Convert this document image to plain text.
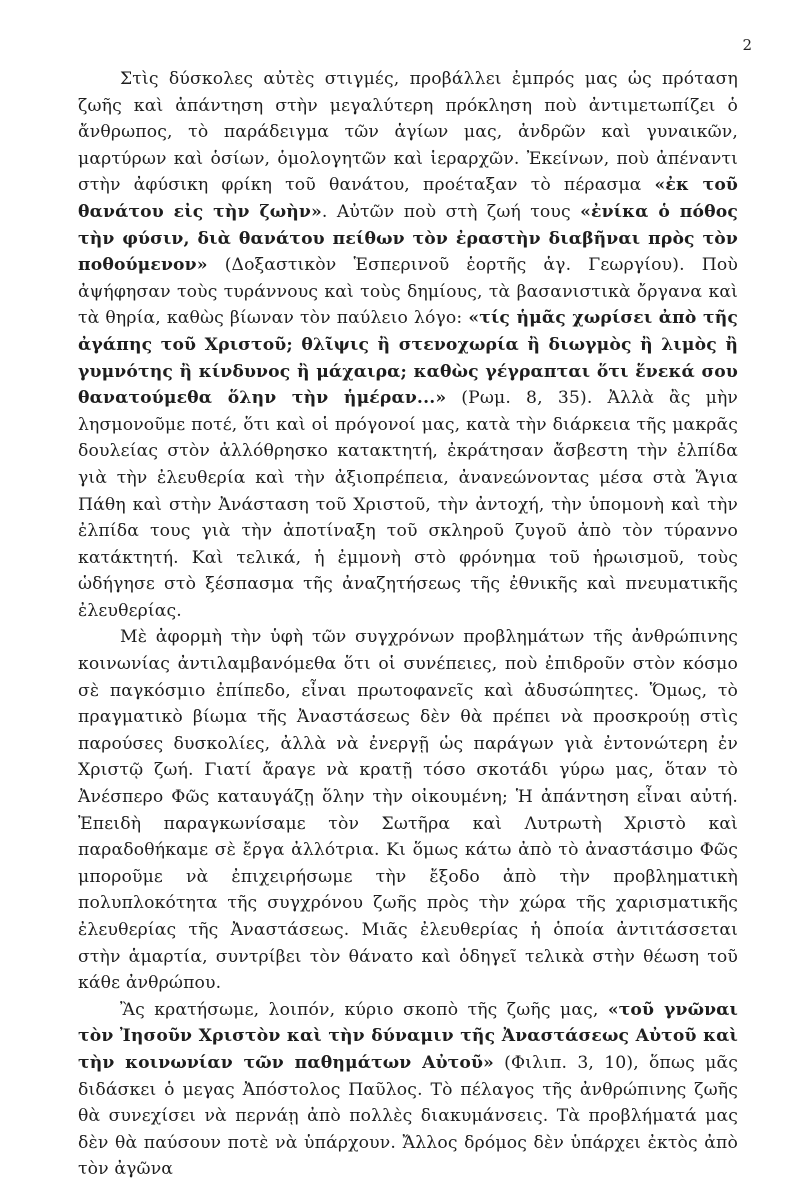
2

Στὶς δύσκολες αὐτὲς στιγμές, προβάλλει ἐμπρός μας ὡς πρόταση ζωῆς καὶ ἀπάντηση στὴν μεγαλύτερη πρόκληση ποὺ ἀντιμετωπίζει ὁ ἄνθρωπος, τὸ παράδειγμα τῶν ἁγίων μας, ἀνδρῶν καὶ γυναικῶν, μαρτύρων καὶ ὁσίων, ὁμολογητῶν καὶ ἱεραρχῶν. Ἐκείνων, ποὺ ἀπέναντι στὴν ἀφύσικη φρίκη τοῦ θανάτου, προέταξαν τὸ πέρασμα «ἐκ τοῦ θανάτου εἰς τὴν ζωὴν». Αὐτῶν ποὺ στὴ ζωή τους «ἐνίκα ὁ πόθος τὴν φύσιν, διὰ θανάτου πείθων τὸν ἐραστὴν διαβῆναι πρὸς τὸν ποθούμενον» (Δοξαστικὸν Ἑσπερινοῦ ἑορτῆς ἁγ. Γεωργίου). Ποὺ ἀψήφησαν τοὺς τυράννους καὶ τοὺς δημίους, τὰ βασανιστικὰ ὄργανα καὶ τὰ θηρία, καθὼς βίωναν τὸν παύλειο λόγο: «τίς ἡμᾶς χωρίσει ἀπὸ τῆς ἀγάπης τοῦ Χριστοῦ; θλῖψις ἢ στενοχωρία ἢ διωγμὸς ἢ λιμὸς ἢ γυμνότης ἢ κίνδυνος ἢ μάχαιρα; καθὼς γέγραπται ὅτι ἕνεκά σου θανατούμεθα ὅλην τὴν ἡμέραν...» (Ρωμ. 8, 35). Ἀλλὰ ἂς μὴν λησμονοῦμε ποτέ, ὅτι καὶ οἱ πρόγονοί μας, κατὰ τὴν διάρκεια τῆς μακρᾶς δουλείας στὸν ἀλλόθρησκο κατακτητή, ἐκράτησαν ἄσβεστη τὴν ἐλπίδα γιὰ τὴν ἐλευθερία καὶ τὴν ἀξιοπρέπεια, ἀνανεώνοντας μέσα στὰ Ἅγια Πάθη καὶ στὴν Ἀνάσταση τοῦ Χριστοῦ, τὴν ἀντοχή, τὴν ὑπομονὴ καὶ τὴν ἐλπίδα τους γιὰ τὴν ἀποτίναξη τοῦ σκληροῦ ζυγοῦ ἀπὸ τὸν τύραννο κατάκτητή. Καὶ τελικά, ἡ ἐμμονὴ στὸ φρόνημα τοῦ ἡρωισμοῦ, τοὺς ὡδήγησε στὸ ξέσπασμα τῆς ἀναζητήσεως τῆς ἐθνικῆς καὶ πνευματικῆς ἐλευθερίας.

Μὲ ἀφορμὴ τὴν ὑφὴ τῶν συγχρόνων προβλημάτων τῆς ἀνθρώπινης κοινωνίας ἀντιλαμβανόμεθα ὅτι οἱ συνέπειες, ποὺ ἐπιδροῦν στὸν κόσμο σὲ παγκόσμιο ἐπίπεδο, εἶναι πρωτοφανεῖς καὶ ἀδυσώπητες. Ὅμως, τὸ πραγματικὸ βίωμα τῆς Ἀναστάσεως δὲν θὰ πρέπει νὰ προσκρούῃ στὶς παρούσες δυσκολίες, ἀλλὰ νὰ ἐνεργῇ ὡς παράγων γιὰ ἐντονώτερη ἐν Χριστῷ ζωή. Γιατί ἄραγε νὰ κρατῇ τόσο σκοτάδι γύρω μας, ὅταν τὸ Ἀνέσπερο Φῶς καταυγάζῃ ὅλην τὴν οἰκουμένη; Ἡ ἀπάντηση εἶναι αὐτή. Ἐπειδὴ παραγκωνίσαμε τὸν Σωτῆρα καὶ Λυτρωτὴ Χριστὸ καὶ παραδοθήκαμε σὲ ἔργα ἀλλότρια. Κι ὅμως κάτω ἀπὸ τὸ ἀναστάσιμο Φῶς μποροῦμε νὰ ἐπιχειρήσωμε τὴν ἔξοδο ἀπὸ τὴν προβληματικὴ πολυπλοκότητα τῆς συγχρόνου ζωῆς πρὸς τὴν χώρα τῆς χαρισματικῆς ἐλευθερίας τῆς Ἀναστάσεως. Μιᾶς ἐλευθερίας ἡ ὁποία ἀντιτάσσεται στὴν ἁμαρτία, συντρίβει τὸν θάνατο καὶ ὁδηγεῖ τελικὰ στὴν θέωση τοῦ κάθε ἀνθρώπου.

Ἂς κρατήσωμε, λοιπόν, κύριο σκοπὸ τῆς ζωῆς μας, «τοῦ γνῶναι τὸν Ἰησοῦν Χριστὸν καὶ τὴν δύναμιν τῆς Ἀναστάσεως Αὐτοῦ καὶ τὴν κοινωνίαν τῶν παθημάτων Αὐτοῦ» (Φιλιπ. 3, 10), ὅπως μᾶς διδάσκει ὁ μεγας Ἀπόστολος Παῦλος. Τὸ πέλαγος τῆς ἀνθρώπινης ζωῆς θὰ συνεχίσει νὰ περνάῃ ἀπὸ πολλὲς διακυμάνσεις. Τὰ προβλήματά μας δὲν θὰ παύσουν ποτὲ νὰ ὑπάρχουν. Ἄλλος δρόμος δὲν ὑπάρχει ἐκτὸς ἀπὸ τὸν ἀγῶνα
